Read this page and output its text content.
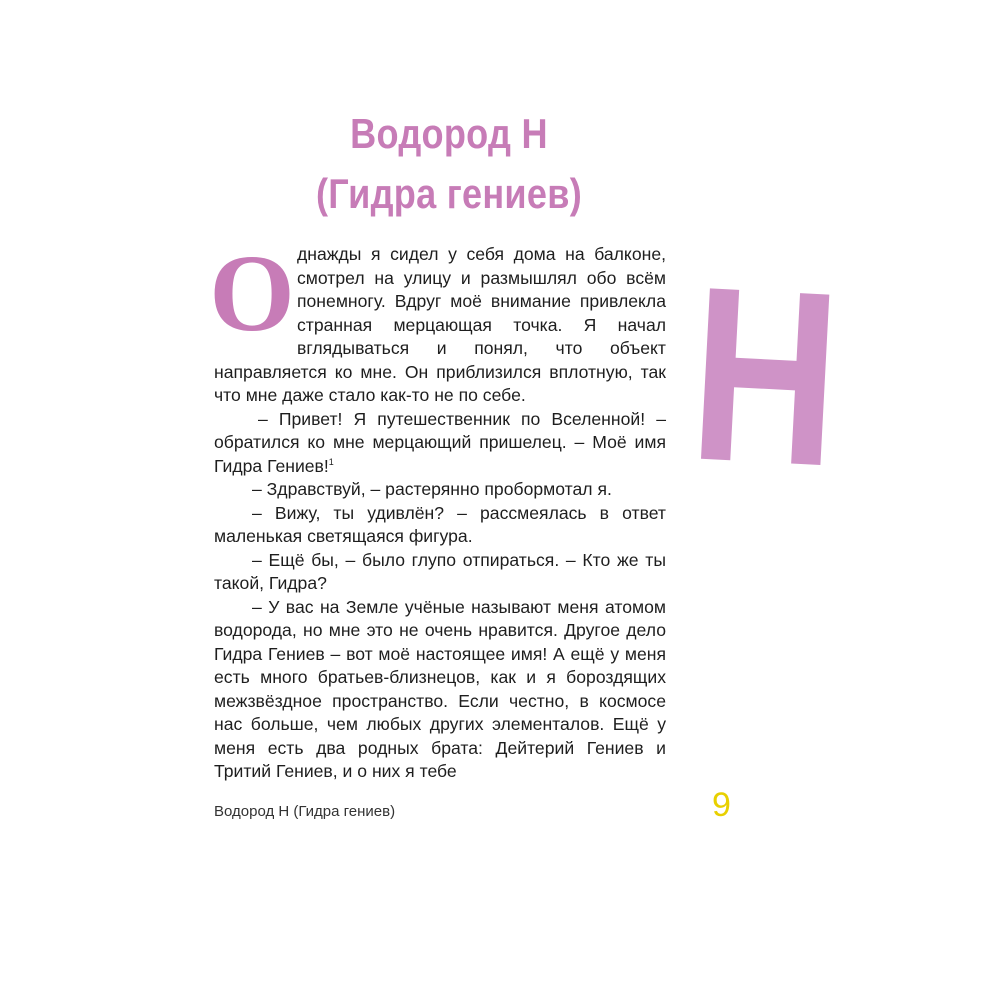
Водород Н
(Гидра гениев)
H
О днажды я сидел у себя дома на балконе, смотрел на улицу и размышлял обо всём понемногу. Вдруг моё внимание привлекла странная мерцающая точка. Я начал вглядываться и понял, что объект направляется ко мне. Он приблизился вплотную, так что мне даже стало как-то не по себе.

– Привет! Я путешественник по Вселенной! – обратился ко мне мерцающий пришелец. – Моё имя Гидра Гениев!$^1$

– Здравствуй, – растерянно пробормотал я.

– Вижу, ты удивлён? – рассмеялась в ответ маленькая светящаяся фигура.

– Ещё бы, – было глупо отпираться. – Кто же ты такой, Гидра?

– У вас на Земле учёные называют меня атомом водорода, но мне это не очень нравится. Другое дело Гидра Гениев – вот моё настоящее имя! А ещё у меня есть много братьев-близнецов, как и я бороздящих межзвёздное пространство. Если честно, в космосе нас больше, чем любых других элементалов. Ещё у меня есть два родных брата: Дейтерий Гениев и Тритий Гениев, и о них я тебе

Водород Н (Гидра гениев)	9
